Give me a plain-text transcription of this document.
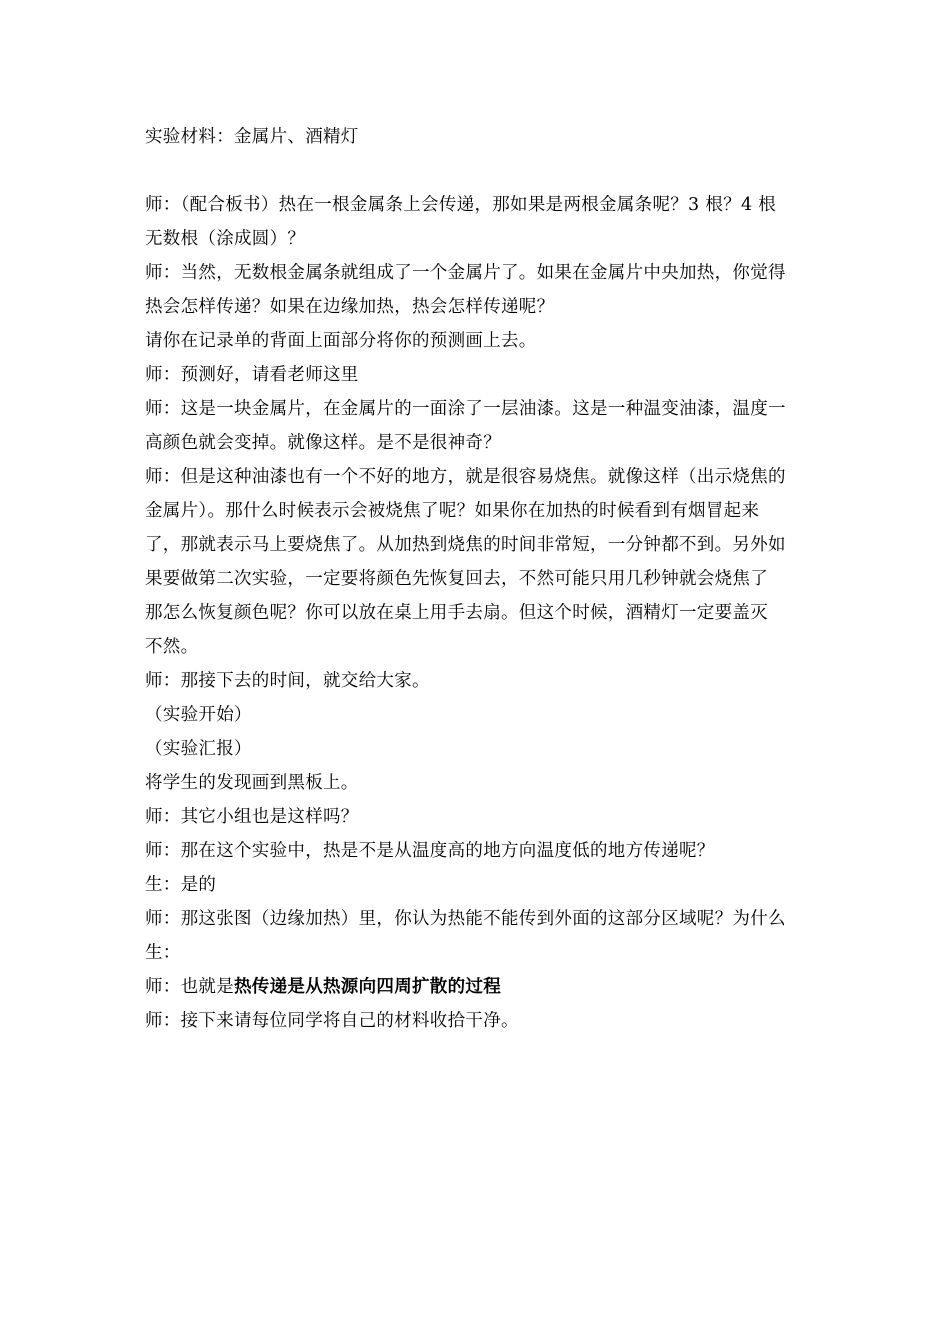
实验材料：金属片、酒精灯
师：（配合板书）热在一根金属条上会传递，那如果是两根金属条呢？3 根？4 根
无数根（涂成圆）？
师：当然，无数根金属条就组成了一个金属片了。如果在金属片中央加热，你觉得
热会怎样传递？如果在边缘加热，热会怎样传递呢？
请你在记录单的背面上面部分将你的预测画上去。
师：预测好，请看老师这里
师：这是一块金属片，在金属片的一面涂了一层油漆。这是一种温变油漆，温度一
高颜色就会变掉。就像这样。是不是很神奇？
师：但是这种油漆也有一个不好的地方，就是很容易烧焦。就像这样（出示烧焦的
金属片）。那什么时候表示会被烧焦了呢？如果你在加热的时候看到有烟冒起来
了，那就表示马上要烧焦了。从加热到烧焦的时间非常短，一分钟都不到。另外如
果要做第二次实验，一定要将颜色先恢复回去，不然可能只用几秒钟就会烧焦了
那怎么恢复颜色呢？你可以放在桌上用手去扇。但这个时候，酒精灯一定要盖灭
不然。
师：那接下去的时间，就交给大家。
（实验开始）
（实验汇报）
将学生的发现画到黑板上。
师：其它小组也是这样吗？
师：那在这个实验中，热是不是从温度高的地方向温度低的地方传递呢？
生：是的
师：那这张图（边缘加热）里，你认为热能不能传到外面的这部分区域呢？为什么
生：
师：也就是热传递是从热源向四周扩散的过程
师：接下来请每位同学将自己的材料收拾干净。
